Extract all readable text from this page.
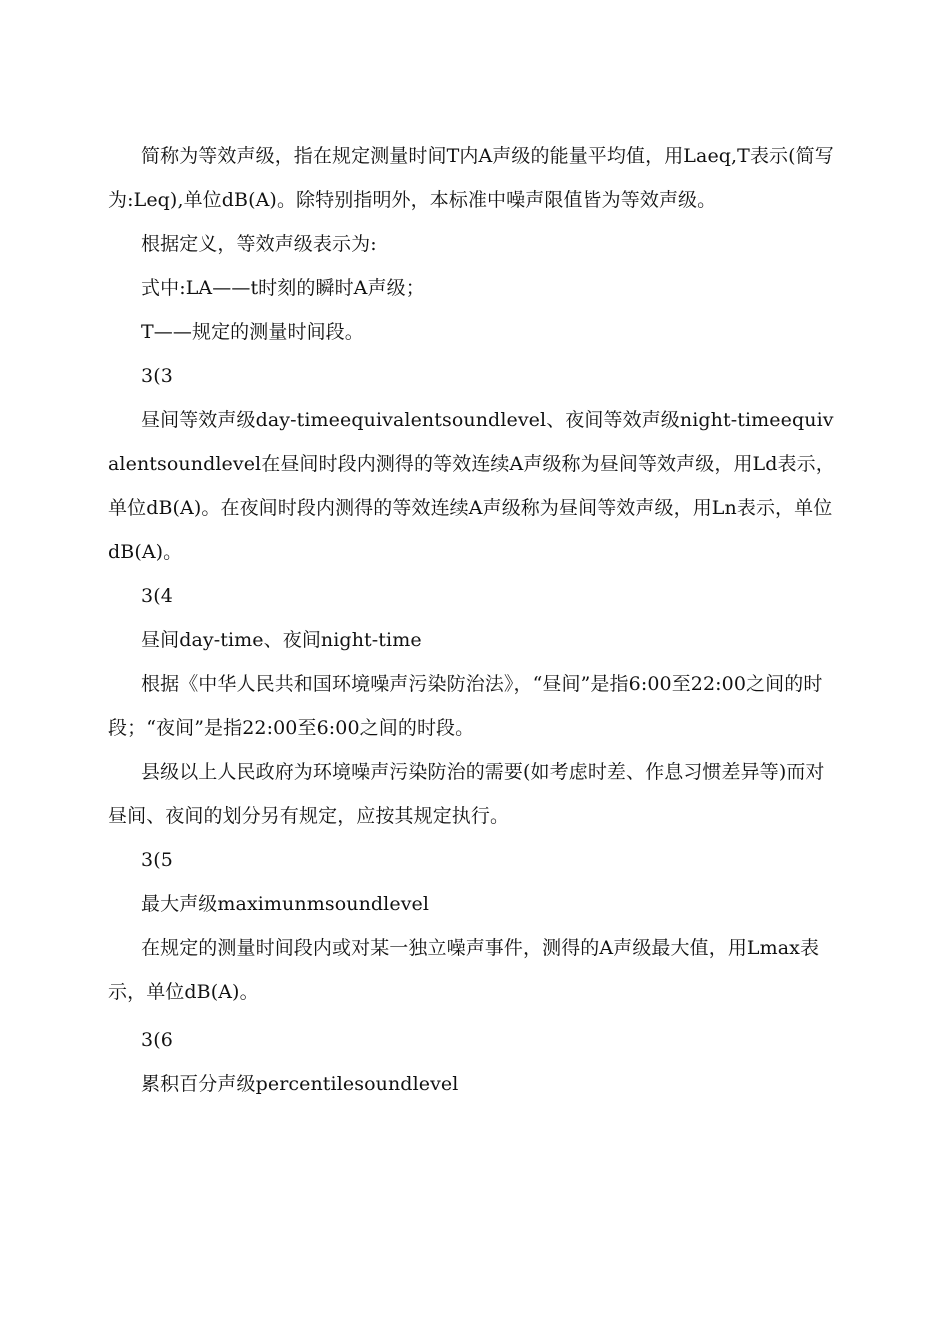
简称为等效声级，指在规定测量时间T内A声级的能量平均值，用Laeq,T表示(简写为:Leq),单位dB(A)。除特别指明外，本标准中噪声限值皆为等效声级。

根据定义，等效声级表示为:

式中:LA——t时刻的瞬时A声级；

T——规定的测量时间段。

3(3

昼间等效声级day-timeequivalentsoundlevel、夜间等效声级night-timeequivalentsoundlevel在昼间时段内测得的等效连续A声级称为昼间等效声级，用Ld表示，单位dB(A)。在夜间时段内测得的等效连续A声级称为昼间等效声级，用Ln表示，单位dB(A)。

3(4

昼间day-time、夜间night-time

根据《中华人民共和国环境噪声污染防治法》，“昼间”是指6:00至22:00之间的时段；“夜间”是指22:00至6:00之间的时段。

县级以上人民政府为环境噪声污染防治的需要(如考虑时差、作息习惯差异等)而对昼间、夜间的划分另有规定，应按其规定执行。

3(5

最大声级maximunmsoundlevel

在规定的测量时间段内或对某一独立噪声事件，测得的A声级最大值，用Lmax表示，单位dB(A)。

3(6

累积百分声级percentilesoundlevel
